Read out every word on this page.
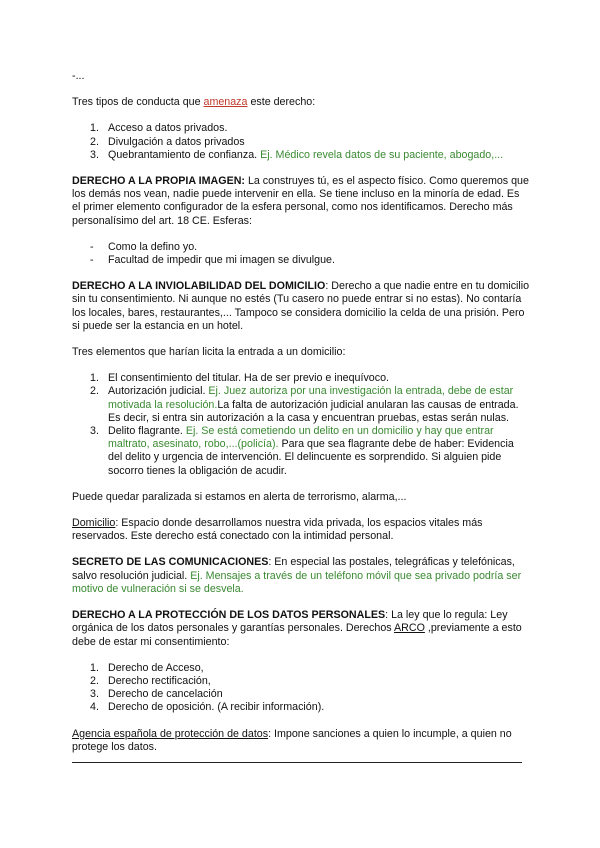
-...

Tres tipos de conducta que amenaza este derecho:

1. Acceso a datos privados.
2. Divulgación a datos privados
3. Quebrantamiento de confianza. Ej. Médico revela datos de su paciente, abogado,...

DERECHO A LA PROPIA IMAGEN: La construyes tú, es el aspecto físico. Como queremos que los demás nos vean, nadie puede intervenir en ella. Se tiene incluso en la minoría de edad. Es el primer elemento configurador de la esfera personal, como nos identificamos. Derecho más personalísimo del art. 18 CE. Esferas:

- Como la defino yo.
- Facultad de impedir que mi imagen se divulgue.

DERECHO A LA INVIOLABILIDAD DEL DOMICILIO: Derecho a que nadie entre en tu domicilio sin tu consentimiento. Ni aunque no estés (Tu casero no puede entrar si no estas). No contaría los locales, bares, restaurantes,... Tampoco se considera domicilio la celda de una prisión. Pero si puede ser la estancia en un hotel.

Tres elementos que harían licita la entrada a un domicilio:

1. El consentimiento del titular. Ha de ser previo e inequívoco.
2. Autorización judicial. Ej. Juez autoriza por una investigación la entrada, debe de estar motivada la resolución.La falta de autorización judicial anularan las causas de entrada. Es decir, si entra sin autorización a la casa y encuentran pruebas, estas serán nulas.
3. Delito flagrante. Ej. Se está cometiendo un delito en un domicilio y hay que entrar maltrato, asesinato, robo,...(policía). Para que sea flagrante debe de haber: Evidencia del delito y urgencia de intervención. El delincuente es sorprendido. Si alguien pide socorro tienes la obligación de acudir.

Puede quedar paralizada si estamos en alerta de terrorismo, alarma,...

Domicilio: Espacio donde desarrollamos nuestra vida privada, los espacios vitales más reservados. Este derecho está conectado con la intimidad personal.

SECRETO DE LAS COMUNICACIONES: En especial las postales, telegráficas y telefónicas, salvo resolución judicial. Ej. Mensajes a través de un teléfono móvil que sea privado podría ser motivo de vulneración si se desvela.

DERECHO A LA PROTECCIÓN DE LOS DATOS PERSONALES: La ley que lo regula: Ley orgánica de los datos personales y garantías personales. Derechos ARCO ,previamente a esto debe de estar mi consentimiento:

1. Derecho de Acceso,
2. Derecho rectificación,
3. Derecho de cancelación
4. Derecho de oposición. (A recibir información).

Agencia española de protección de datos: Impone sanciones a quien lo incumple, a quien no protege los datos.
